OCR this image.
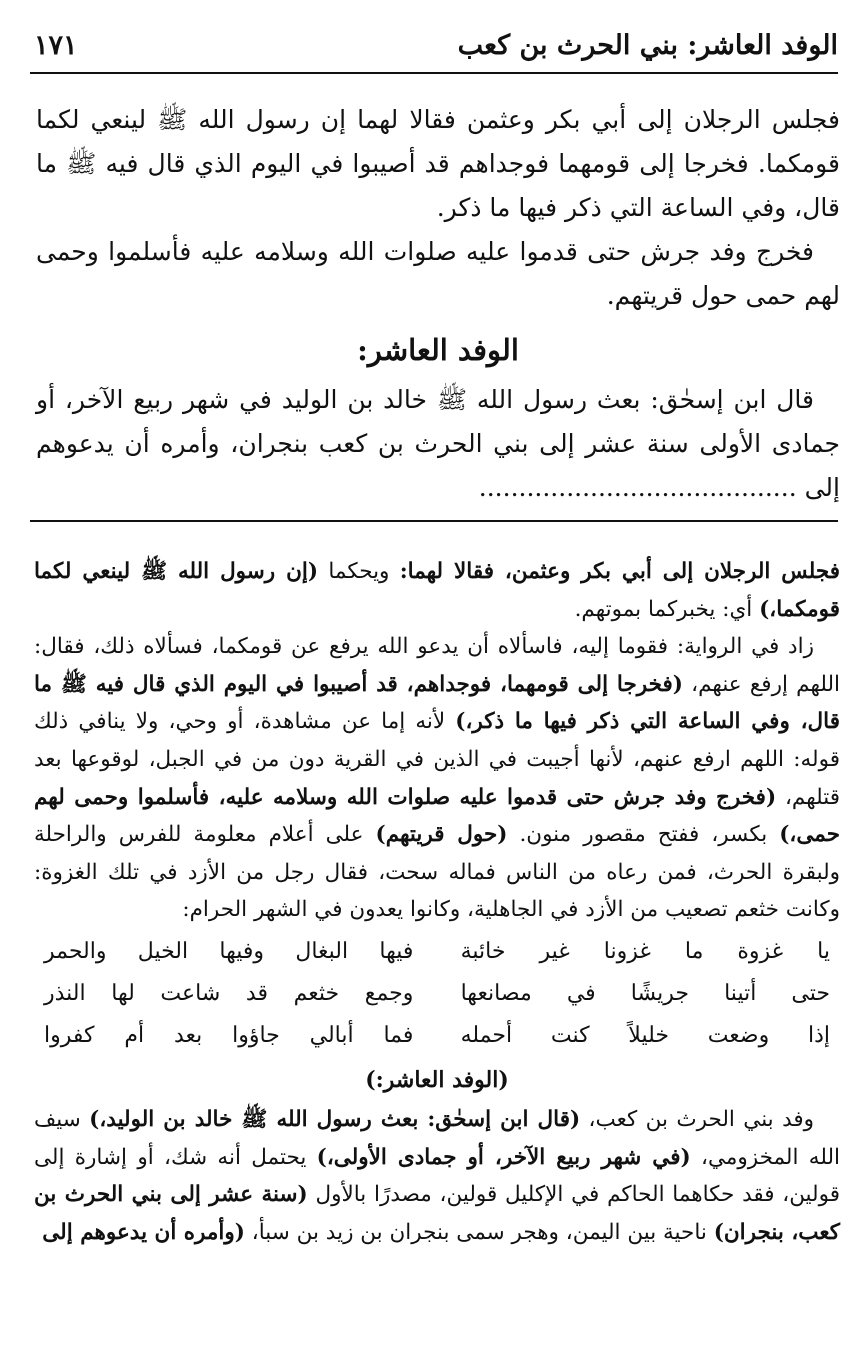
الوفد العاشر: بني الحرث بن كعب
١٧١

فجلس الرجلان إلى أبي بكر وعثمن فقالا لهما إن رسول الله ﷺ لينعي لكما قومكما. فخرجا إلى قومهما فوجداهم قد أصيبوا في اليوم الذي قال فيه ﷺ ما قال، وفي الساعة التي ذكر فيها ما ذكر.

فخرج وفد جرش حتى قدموا عليه صلوات الله وسلامه عليه فأسلموا وحمى لهم حمى حول قريتهم.

الوفد العاشر:

قال ابن إسحٰق: بعث رسول الله ﷺ خالد بن الوليد في شهر ربيع الآخر، أو جمادى الأولى سنة عشر إلى بني الحرث بن كعب بنجران، وأمره أن يدعوهم إلى ........................................

فجلس الرجلان إلى أبي بكر وعثمن، فقالا لهما: ويحكما (إن رسول الله ﷺ لينعي لكما قومكما،) أي: يخبركما بموتهم.

زاد في الرواية: فقوما إليه، فاسألاه أن يدعو الله يرفع عن قومكما، فسألاه ذلك، فقال: اللهم إرفع عنهم، (فخرجا إلى قومهما، فوجداهم، قد أصيبوا في اليوم الذي قال فيه ﷺ ما قال، وفي الساعة التي ذكر فيها ما ذكر،) لأنه إما عن مشاهدة، أو وحي، ولا ينافي ذلك قوله: اللهم ارفع عنهم، لأنها أجيبت في الذين في القرية دون من في الجبل، لوقوعها بعد قتلهم، (فخرج وفد جرش حتى قدموا عليه صلوات الله وسلامه عليه، فأسلموا وحمى لهم حمى،) بكسر، ففتح مقصور منون. (حول قريتهم) على أعلام معلومة للفرس والراحلة ولبقرة الحرث، فمن رعاه من الناس فماله سحت، فقال رجل من الأزد في تلك الغزوة: وكانت خثعم تصعيب من الأزد في الجاهلية، وكانوا يعدون في الشهر الحرام:

يا غزوة ما غزونا غير خائبة
فيها البغال وفيها الخيل والحمر
حتى أتينا جريشًا في مصانعها
وجمع خثعم قد شاعت لها النذر
إذا وضعت خليلاً كنت أحمله
فما أبالي جاؤوا بعد أم كفروا
(الوفد العاشر:)

وفد بني الحرث بن كعب، (قال ابن إسحٰق: بعث رسول الله ﷺ خالد بن الوليد،) سيف الله المخزومي، (في شهر ربيع الآخر، أو جمادى الأولى،) يحتمل أنه شك، أو إشارة إلى قولين، فقد حكاهما الحاكم في الإكليل قولين، مصدرًا بالأول (سنة عشر إلى بني الحرث بن كعب، بنجران) ناحية بين اليمن، وهجر سمى بنجران بن زيد بن سبأ، (وأمره أن يدعوهم إلى
